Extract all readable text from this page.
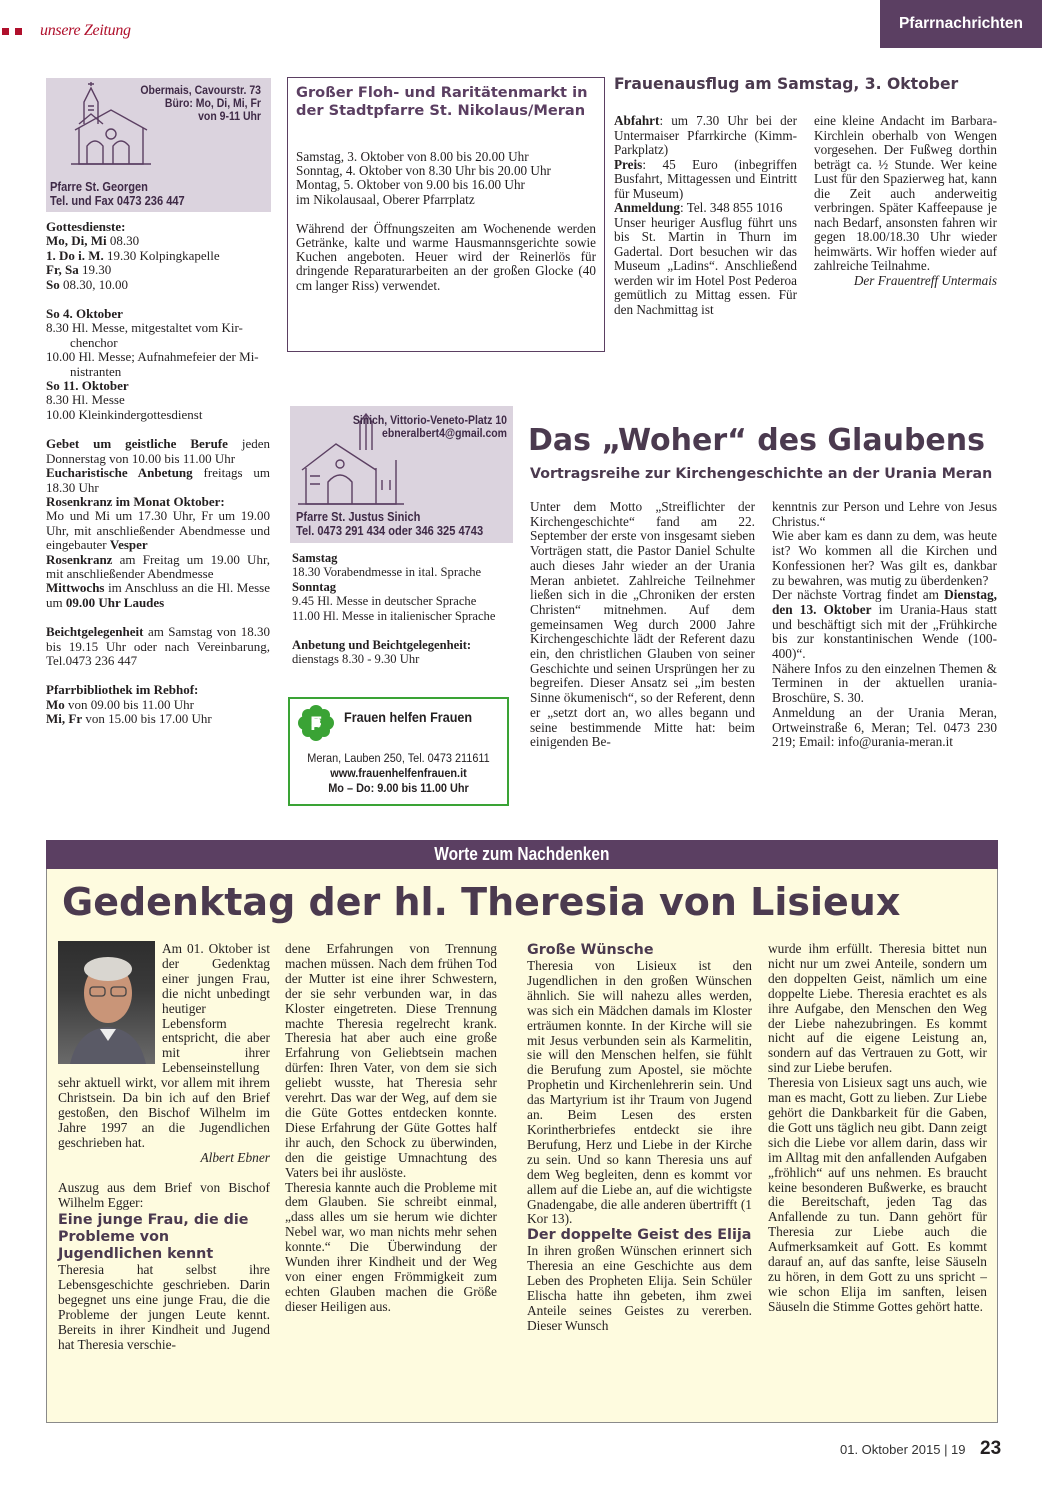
unsere Zeitung	Pfarrnachrichten
Obermais, Cavourstr. 73
Büro: Mo, Di, Mi, Fr
von 9-11 Uhr
Pfarre St. Georgen
Tel. und Fax 0473 236 447

Gottesdienste:

Mo, Di, Mi 08.30

1. Do i. M. 19.30 Kolpingkapelle

Fr, Sa 19.30

So 08.30, 10.00

So 4. Oktober

8.30 Hl. Messe, mitgestaltet vom Kir-

chenchor

10.00 Hl. Messe; Aufnahmefeier der Mi-

nistranten

So 11. Oktober

8.30 Hl. Messe

10.00 Kleinkindergottesdienst

Gebet um geistliche Berufe jeden Donnerstag von 10.00 bis 11.00 Uhr

Eucharistische Anbetung freitags um 18.30 Uhr

Rosenkranz im Monat Oktober:

Mo und Mi um 17.30 Uhr, Fr um 19.00 Uhr, mit anschließender Abendmesse und eingebauter Vesper

Rosenkranz am Freitag um 19.00 Uhr, mit anschließender Abendmesse

Mittwochs im Anschluss an die Hl. Messe um 09.00 Uhr Laudes

Beichtgelegenheit am Samstag von 18.30 bis 19.15 Uhr oder nach Vereinbarung, Tel.0473 236 447

Pfarrbibliothek im Rebhof:

Mo von 09.00 bis 11.00 Uhr

Mi, Fr von 15.00 bis 17.00 Uhr

Großer Floh- und Raritätenmarkt in der Stadtpfarre St. Nikolaus/Meran

Samstag, 3. Oktober von 8.00 bis 20.00 Uhr

Sonntag, 4. Oktober von 8.30 Uhr bis 20.00 Uhr

Montag, 5. Oktober von 9.00 bis 16.00 Uhr

im Nikolausaal, Oberer Pfarrplatz

Während der Öffnungszeiten am Wochenende werden Getränke, kalte und warme Hausmannsgerichte sowie Kuchen angeboten. Heuer wird der Reinerlös für dringende Reparaturarbeiten an der großen Glocke (40 cm langer Riss) verwendet.

Frauenausflug am Samstag, 3. Oktober

Abfahrt: um 7.30 Uhr bei der Untermaiser Pfarrkirche (Kimm-Parkplatz)

Preis: 45 Euro (inbegriffen Busfahrt, Mittagessen und Eintritt für Museum)

Anmeldung: Tel. 348 855 1016

Unser heuriger Ausflug führt uns bis St. Martin in Thurn im Gadertal. Dort besuchen wir das Museum „Ladins“. Anschließend werden wir im Hotel Post Pederoa gemütlich zu Mittag essen. Für den Nachmittag ist

eine kleine Andacht im Barbara-Kirchlein oberhalb von Wengen vorgesehen. Der Fußweg dorthin beträgt ca. ½ Stunde. Wer keine Lust für den Spazierweg hat, kann die Zeit auch anderweitig verbringen. Später Kaffeepause je nach Bedarf, ansonsten fahren wir gegen 18.00/18.30 Uhr wieder heimwärts. Wir hoffen wieder auf zahlreiche Teilnahme.

Der Frauentreff Untermais

Sinich, Vittorio-Veneto-Platz 10
ebneralbert4@gmail.com
Pfarre St. Justus Sinich
Tel. 0473 291 434 oder 346 325 4743

Samstag

18.30 Vorabendmesse in ital. Sprache

Sonntag

9.45 Hl. Messe in deutscher Sprache

11.00 Hl. Messe in italienischer Sprache

Anbetung und Beichtgelegenheit:

dienstags 8.30 - 9.30 Uhr

F Frauen helfen Frauen
Meran, Lauben 250, Tel. 0473 211611
www.frauenhelfenfrauen.it
Mo – Do: 9.00 bis 11.00 Uhr
Das „Woher“ des Glaubens
Vortragsreihe zur Kirchengeschichte an der Urania Meran

Unter dem Motto „Streiflichter der Kirchengeschichte“ fand am 22. September der erste von insgesamt sieben Vorträgen statt, die Pastor Daniel Schulte auch dieses Jahr wieder an der Urania Meran anbietet. Zahlreiche Teilnehmer ließen sich in die „Chroniken der ersten Christen“ mitnehmen. Auf dem gemeinsamen Weg durch 2000 Jahre Kirchengeschichte lädt der Referent dazu ein, den christlichen Glauben von seiner Geschichte und seinen Ursprüngen her zu begreifen. Dieser Ansatz sei „im besten Sinne ökumenisch“, so der Referent, denn er „setzt dort an, wo alles begann und seine bestimmende Mitte hat: beim einigenden Be-

kenntnis zur Person und Lehre von Jesus Christus.“

Wie aber kam es dann zu dem, was heute ist? Wo kommen all die Kirchen und Konfessionen her? Was gilt es, dankbar zu bewahren, was mutig zu überdenken?

Der nächste Vortrag findet am Dienstag, den 13. Oktober im Urania-Haus statt und beschäftigt sich mit der „Frühkirche bis zur konstantinischen Wende (100-400)“.

Nähere Infos zu den einzelnen Themen & Terminen in der aktuellen urania-Broschüre, S. 30.

Anmeldung an der Urania Meran, Ortweinstraße 6, Meran; Tel. 0473 230 219; Email: info@urania-meran.it

Worte zum Nachdenken
Gedenktag der hl. Theresia von Lisieux

Am 01. Oktober ist der Gedenktag einer jungen Frau, die nicht unbedingt heutiger Lebensform entspricht, die aber mit ihrer Lebenseinstellung sehr aktuell wirkt, vor allem mit ihrem Christsein. Da bin ich auf den Brief gestoßen, den Bischof Wilhelm im Jahre 1997 an die Jugendlichen geschrieben hat.

Albert Ebner

Auszug aus dem Brief von Bischof Wilhelm Egger:

Eine junge Frau, die die Probleme von Jugendlichen kennt

Theresia hat selbst ihre Lebensgeschichte geschrieben. Darin begegnet uns eine junge Frau, die die Probleme der jungen Leute kennt. Bereits in ihrer Kindheit und Jugend hat Theresia verschie-

dene Erfahrungen von Trennung machen müssen. Nach dem frühen Tod der Mutter ist eine ihrer Schwestern, der sie sehr verbunden war, in das Kloster eingetreten. Diese Trennung machte Theresia regelrecht krank. Theresia hat aber auch eine große Erfahrung von Geliebtsein machen dürfen: Ihren Vater, von dem sie sich geliebt wusste, hat Theresia sehr verehrt. Das war der Weg, auf dem sie die Güte Gottes entdecken konnte. Diese Erfahrung der Güte Gottes half ihr auch, den Schock zu überwinden, den die geistige Umnachtung des Vaters bei ihr auslöste.

Theresia kannte auch die Probleme mit dem Glauben. Sie schreibt einmal, „dass alles um sie herum wie dichter Nebel war, wo man nichts mehr sehen konnte.“ Die Überwindung der Wunden ihrer Kindheit und der Weg von einer engen Frömmigkeit zum echten Glauben machen die Größe dieser Heiligen aus.

Große Wünsche

Theresia von Lisieux ist den Jugendlichen in den großen Wünschen ähnlich. Sie will nahezu alles werden, was sich ein Mädchen damals im Kloster erträumen konnte. In der Kirche will sie mit Jesus verbunden sein als Karmelitin, sie will den Menschen helfen, sie fühlt die Berufung zum Apostel, sie möchte Prophetin und Kirchenlehrerin sein. Und das Martyrium ist ihr Traum von Jugend an. Beim Lesen des ersten Korintherbriefes entdeckt sie ihre Berufung, Herz und Liebe in der Kirche zu sein. Und so kann Theresia uns auf dem Weg begleiten, denn es kommt vor allem auf die Liebe an, auf die wichtigste Gnadengabe, die alle anderen übertrifft (1 Kor 13).

Der doppelte Geist des Elija

In ihren großen Wünschen erinnert sich Theresia an eine Geschichte aus dem Leben des Propheten Elija. Sein Schüler Elischa hatte ihn gebeten, ihm zwei Anteile seines Geistes zu vererben. Dieser Wunsch

wurde ihm erfüllt. Theresia bittet nun nicht nur um zwei Anteile, sondern um den doppelten Geist, nämlich um eine doppelte Liebe. Theresia erachtet es als ihre Aufgabe, den Menschen den Weg der Liebe nahezubringen. Es kommt nicht auf die eigene Leistung an, sondern auf das Vertrauen zu Gott, wir sind zur Liebe berufen.

Theresia von Lisieux sagt uns auch, wie man es macht, Gott zu lieben. Zur Liebe gehört die Dankbarkeit für die Gaben, die Gott uns täglich neu gibt. Dann zeigt sich die Liebe vor allem darin, dass wir im Alltag mit den anfallenden Aufgaben „fröhlich“ auf uns nehmen. Es braucht keine besonderen Bußwerke, es braucht die Bereitschaft, jeden Tag das Anfallende zu tun. Dann gehört für Theresia zur Liebe auch die Aufmerksamkeit auf Gott. Es kommt darauf an, auf das sanfte, leise Säuseln zu hören, in dem Gott zu uns spricht – wie schon Elija im sanften, leisen Säuseln die Stimme Gottes gehört hatte.

01. Oktober 2015 | 19 23
